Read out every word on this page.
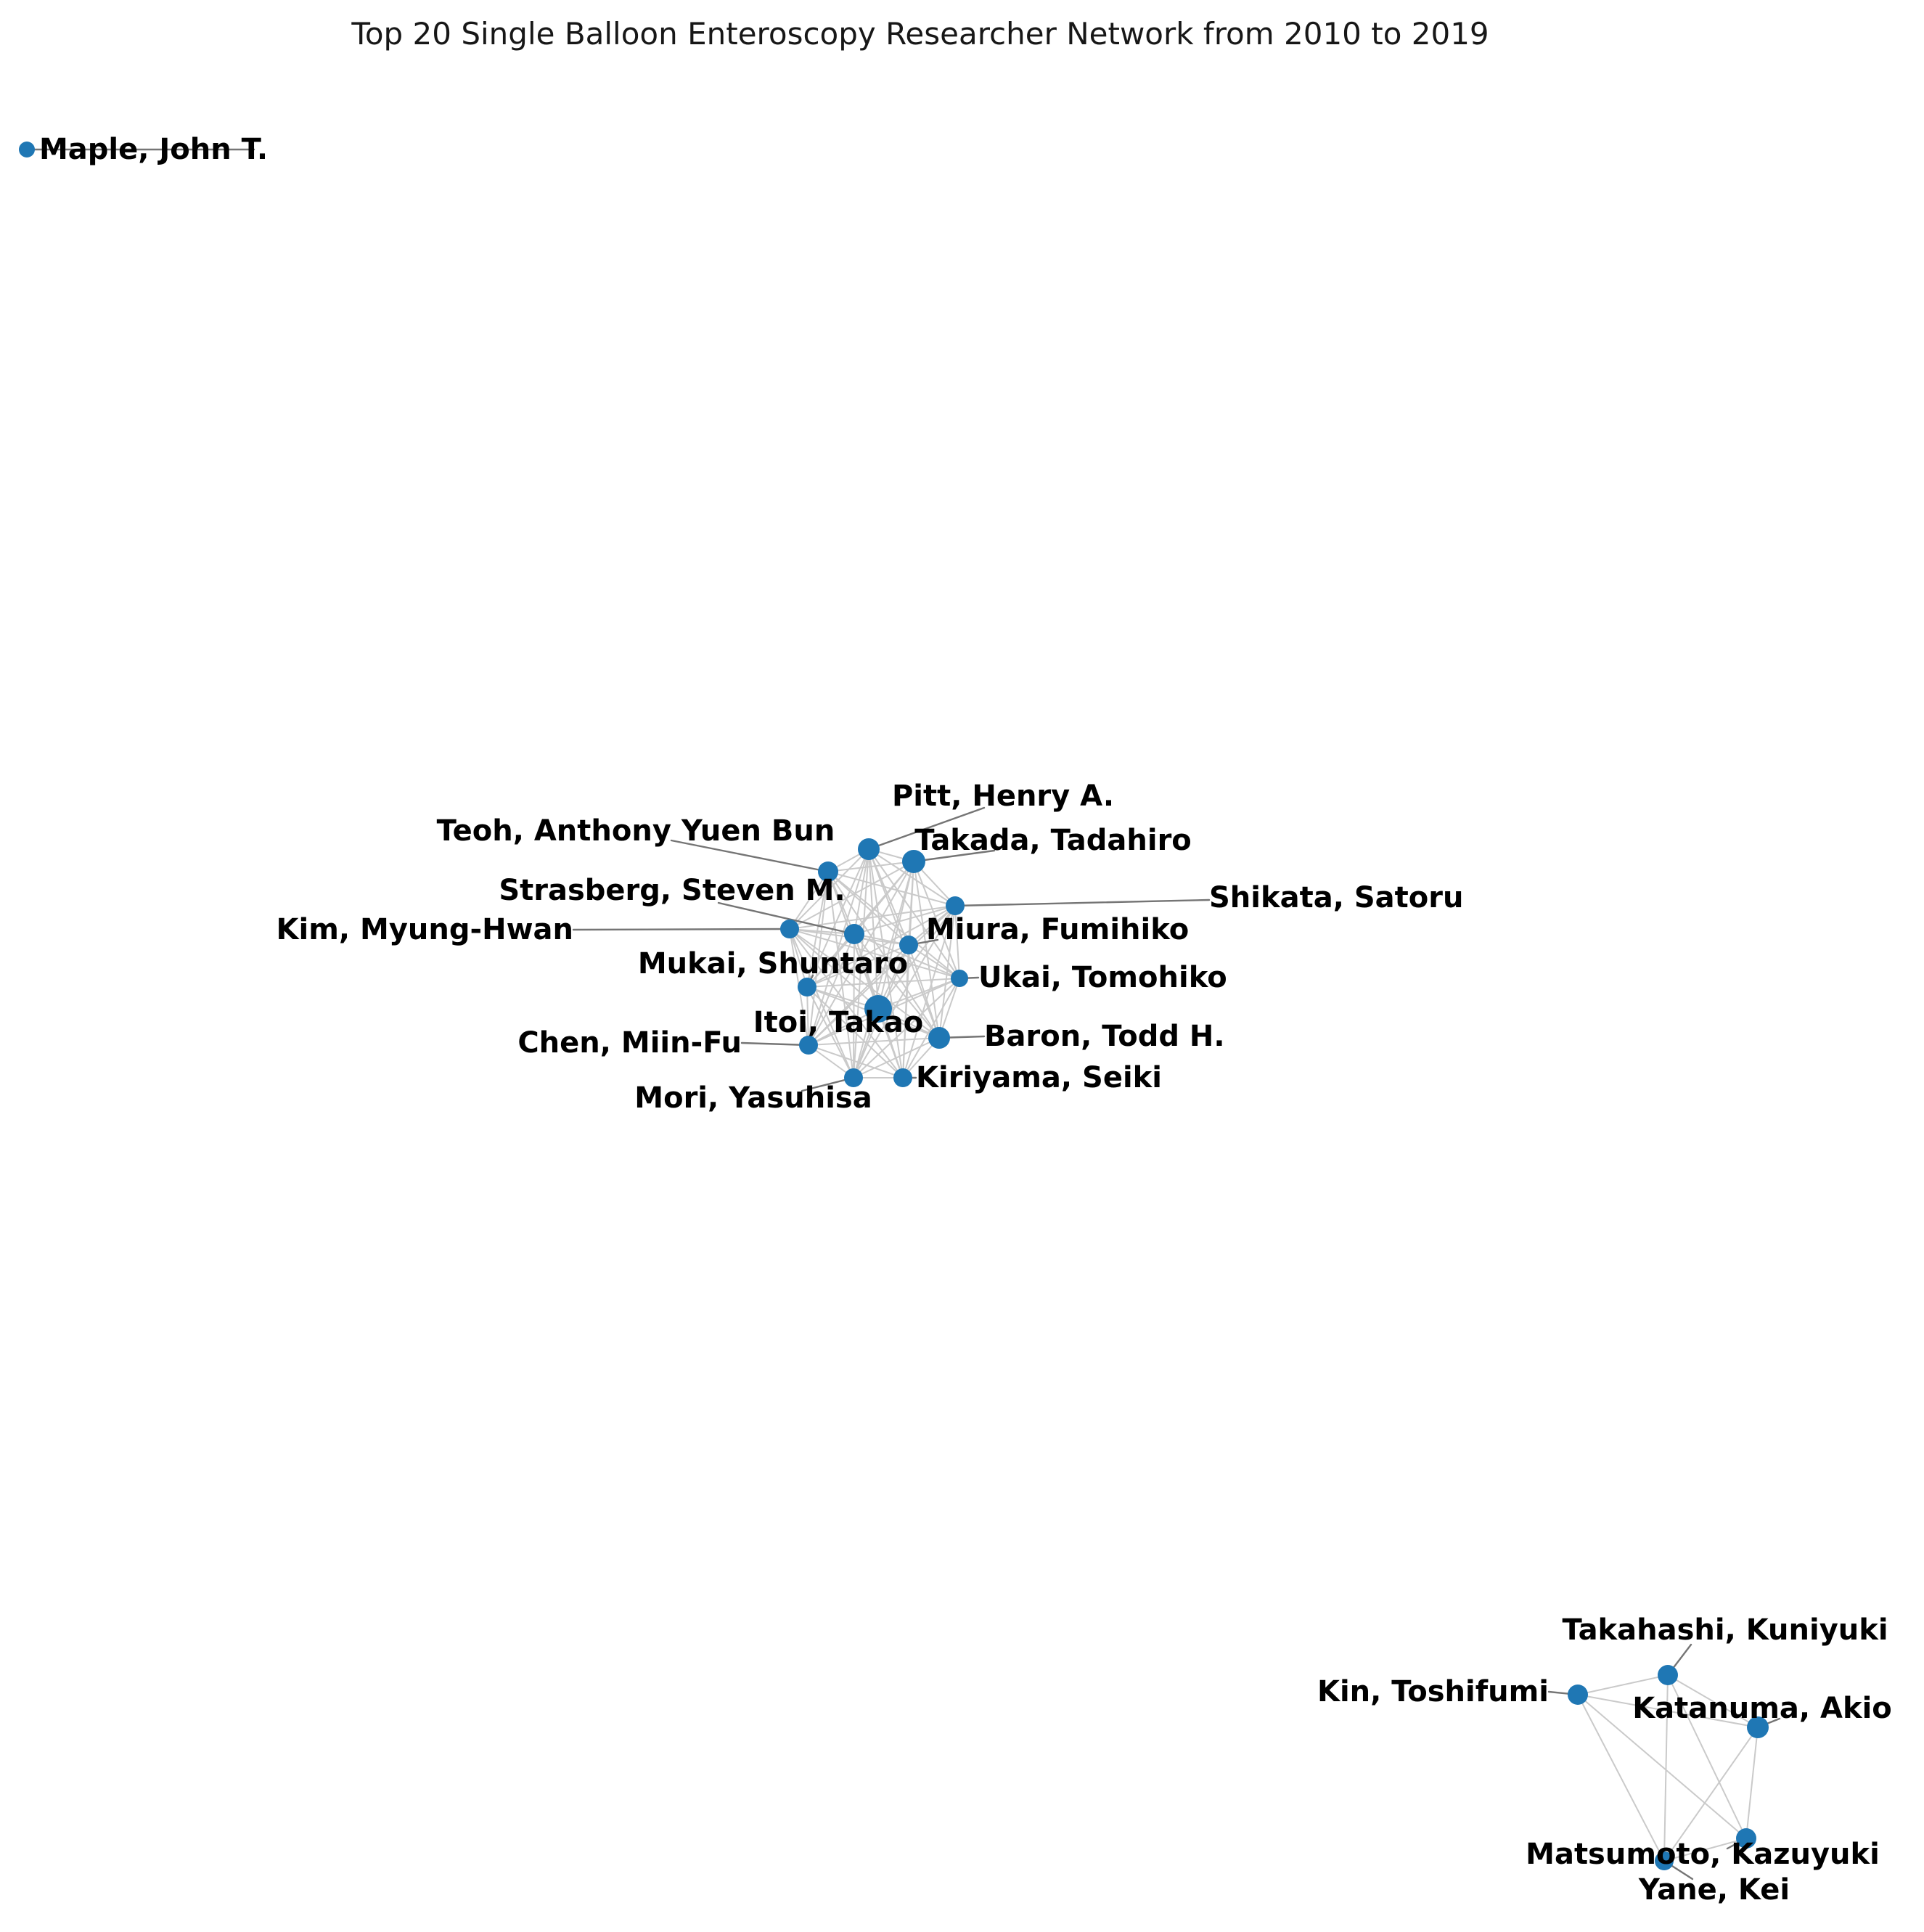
Top 20 Single Balloon Enteroscopy Researcher Network from 2010 to 2019
Maple, John T.
Pitt, Henry A.
Takada, Tadahiro
Teoh, Anthony Yuen Bun
Shikata, Satoru
Kim, Myung-Hwan
Strasberg, Steven M.
Miura, Fumihiko
Ukai, Tomohiko
Mukai, Shuntaro
Itoi, Takao Baron, Todd H.
Chen, Miin-Fu
Mori, Yasuhisa
Kiriyama, Seiki
Kin, Toshifumi
Takahashi, Kuniyuki
Katanuma, Akio
Matsumoto, Kazuyuki
Yane, Kei
